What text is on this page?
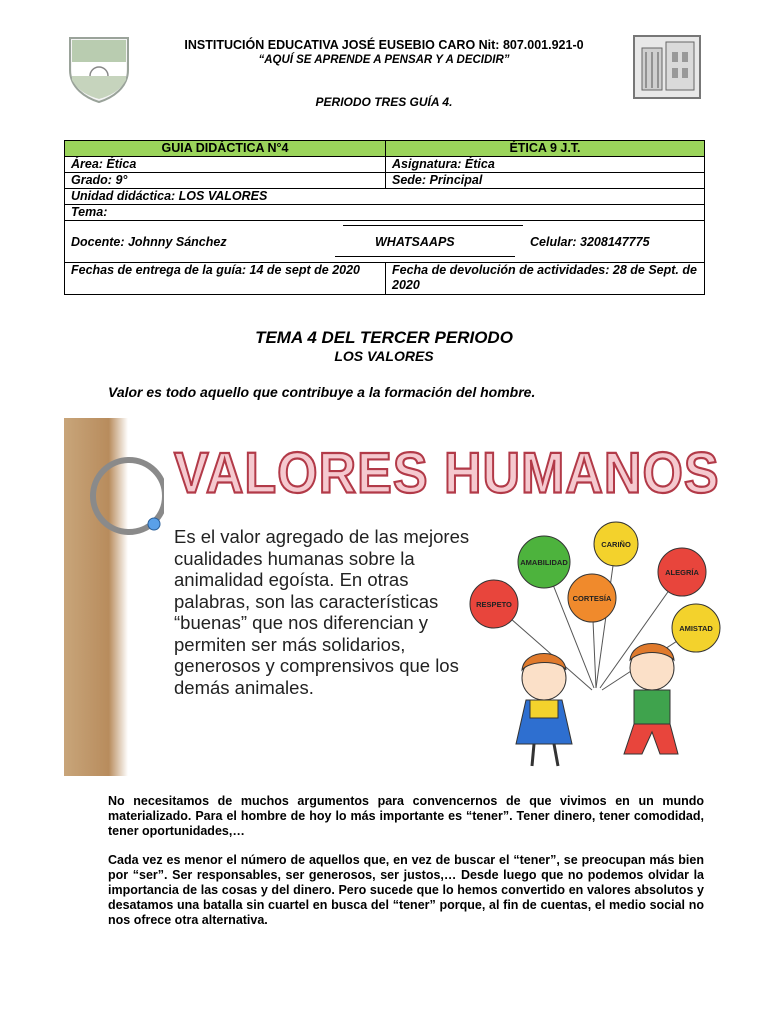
INSTITUCIÓN EDUCATIVA JOSÉ EUSEBIO CARO Nit: 807.001.921-0
“AQUÍ SE APRENDE A PENSAR Y A DECIDIR”
PERIODO TRES GUÍA 4.
GUIA DIDÁCTICA N°4	ÉTICA 9 J.T.
Área: Ética	Asignatura: Ética
Grado: 9°	Sede: Principal
Unidad didáctica: LOS VALORES	
Tema:	

Docente: Johnny Sánchez WHATSAAPS Celular: 3208147775	

Fechas de entrega de la guía: 14 de sept de 2020	Fecha de devolución de actividades: 28 de Sept. de 2020
TEMA 4 DEL TERCER PERIODO
LOS VALORES
Valor es todo aquello que contribuye a la formación del hombre.
VALORES HUMANOS
Es el valor agregado de las mejores cualidades humanas sobre la animalidad egoísta. En otras palabras, son las características “buenas” que nos diferencian y permiten ser más solidarios, generosos y comprensivos que los demás animales.
AMABILIDAD
CARIÑO
ALEGRÍA
RESPETO
CORTESÍA
AMISTAD
No necesitamos de muchos argumentos para convencernos de que vivimos en un mundo materializado. Para el hombre de hoy lo más importante es “tener”. Tener dinero, tener comodidad, tener oportunidades,…
Cada vez es menor el número de aquellos que, en vez de buscar el “tener”, se preocupan más bien por “ser”. Ser responsables, ser generosos, ser justos,… Desde luego que no podemos olvidar la importancia de las cosas y del dinero. Pero sucede que lo hemos convertido en valores absolutos y desatamos una batalla sin cuartel en busca del “tener” porque, al fin de cuentas, el medio social no nos ofrece otra alternativa.
